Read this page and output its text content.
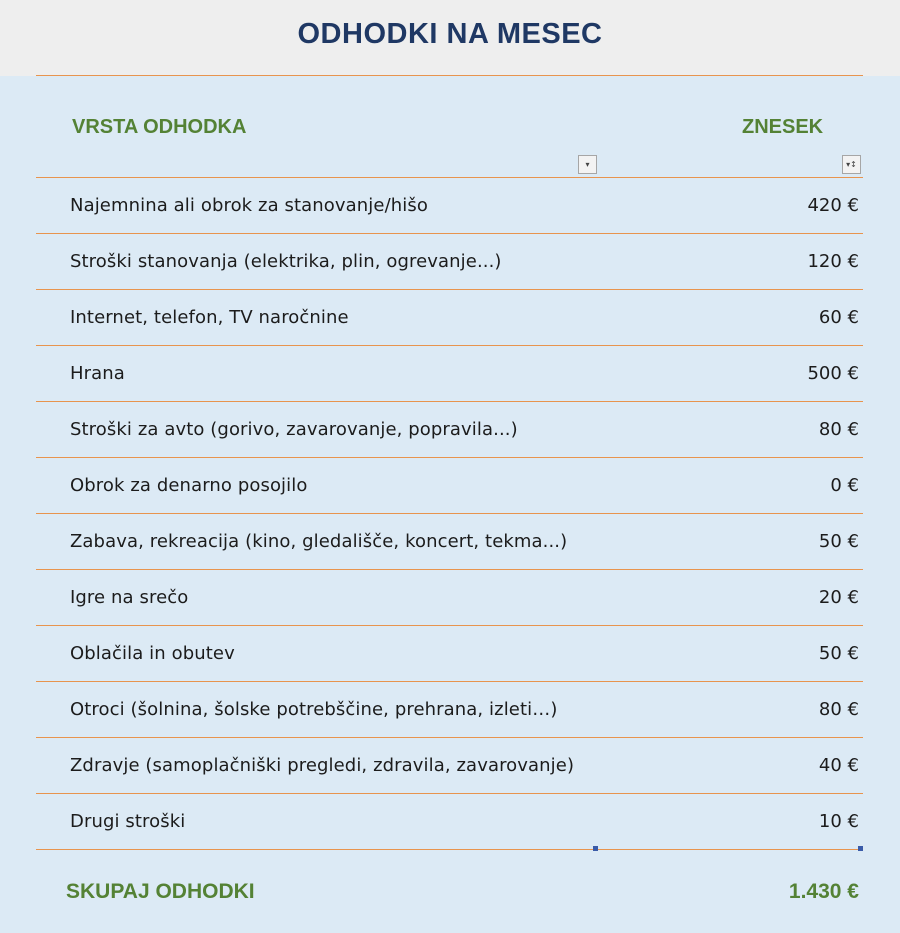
ODHODKI NA MESEC
VRSTA ODHODKA	ZNESEK
▾	▾↕
Najemnina ali obrok za stanovanje/hišo	420 €
Stroški stanovanja (elektrika, plin, ogrevanje...)	120 €
Internet, telefon, TV naročnine	60 €
Hrana	500 €
Stroški za avto (gorivo, zavarovanje, popravila...)	80 €
Obrok za denarno posojilo	0 €
Zabava, rekreacija (kino, gledališče, koncert, tekma...)	50 €
Igre na srečo	20 €
Oblačila in obutev	50 €
Otroci (šolnina, šolske potrebščine, prehrana, izleti…)	80 €
Zdravje (samoplačniški pregledi, zdravila, zavarovanje)	40 €
Drugi stroški	10 €
SKUPAJ ODHODKI	1.430 €
